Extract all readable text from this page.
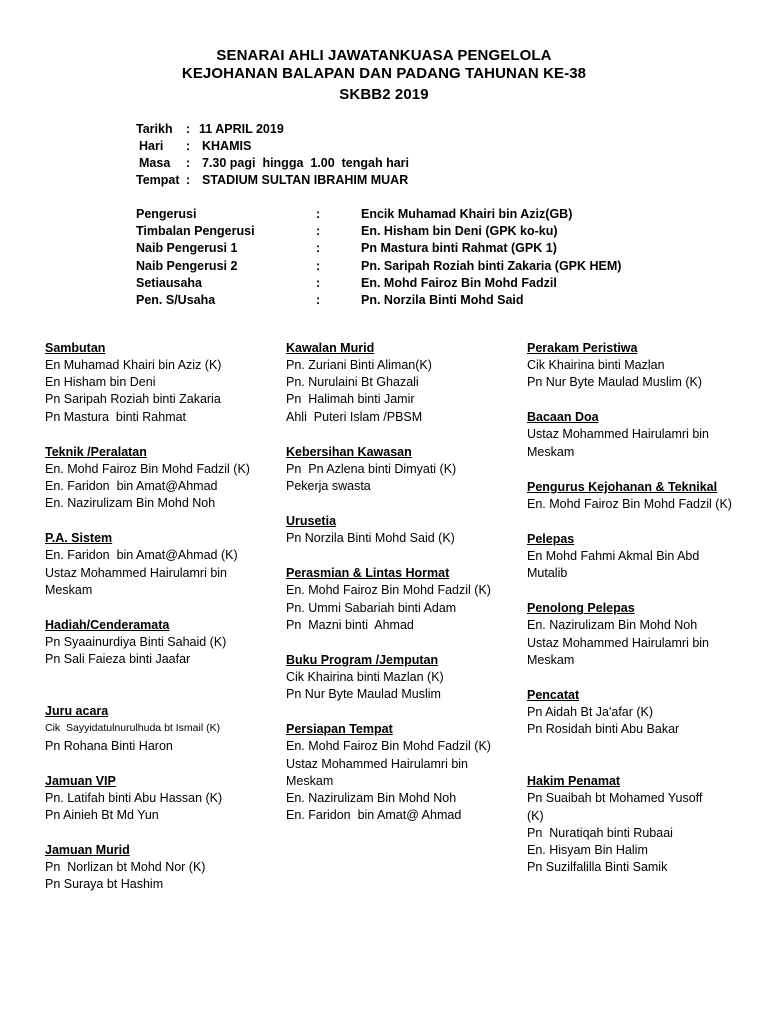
SENARAI AHLI JAWATANKUASA PENGELOLA
KEJOHANAN BALAPAN DAN PADANG TAHUNAN KE-38
SKBB2 2019
Tarikh : 11 APRIL 2019
Hari : KHAMIS
Masa : 7.30 pagi  hingga  1.00  tengah hari
Tempat : STADIUM SULTAN IBRAHIM MUAR
Pengerusi	:	Encik Muhamad Khairi bin Aziz(GB)
Timbalan Pengerusi	:	En. Hisham bin Deni (GPK ko-ku)
Naib Pengerusi 1	:	Pn Mastura binti Rahmat (GPK 1)
Naib Pengerusi 2	:	Pn. Saripah Roziah binti Zakaria (GPK HEM)
Setiausaha	:	En. Mohd Fairoz Bin Mohd Fadzil
Pen. S/Usaha	:	Pn. Norzila Binti Mohd Said
Sambutan
En Muhamad Khairi bin Aziz (K)
En Hisham bin Deni
Pn Saripah Roziah binti Zakaria
Pn Mastura  binti Rahmat
Teknik /Peralatan
En. Mohd Fairoz Bin Mohd Fadzil (K)
En. Faridon  bin Amat@Ahmad
En. Nazirulizam Bin Mohd Noh
P.A. Sistem
En. Faridon  bin Amat@Ahmad (K)
Ustaz Mohammed Hairulamri bin
Meskam
Hadiah/Cenderamata
Pn Syaainurdiya Binti Sahaid (K)
Pn Sali Faieza binti Jaafar
Juru acara
Cik  Sayyidatulnurulhuda bt Ismail (K)
Pn Rohana Binti Haron
Jamuan VIP
Pn. Latifah binti Abu Hassan (K)
Pn Ainieh Bt Md Yun
Jamuan Murid
Pn  Norlizan bt Mohd Nor (K)
Pn Suraya bt Hashim
Kawalan Murid
Pn. Zuriani Binti Aliman(K)
Pn. Nurulaini Bt Ghazali
Pn  Halimah binti Jamir
Ahli  Puteri Islam /PBSM
Kebersihan Kawasan
Pn  Pn Azlena binti Dimyati (K)
Pekerja swasta
Urusetia
Pn Norzila Binti Mohd Said (K)
Perasmian & Lintas Hormat
En. Mohd Fairoz Bin Mohd Fadzil (K)
Pn. Ummi Sabariah binti Adam
Pn  Mazni binti  Ahmad
Buku Program /Jemputan
Cik Khairina binti Mazlan (K)
Pn Nur Byte Maulad Muslim
Persiapan Tempat
En. Mohd Fairoz Bin Mohd Fadzil (K)
Ustaz Mohammed Hairulamri bin
Meskam
En. Nazirulizam Bin Mohd Noh
En. Faridon  bin Amat@ Ahmad
Perakam Peristiwa
Cik Khairina binti Mazlan
Pn Nur Byte Maulad Muslim (K)
Bacaan Doa
Ustaz Mohammed Hairulamri bin
Meskam
Pengurus Kejohanan & Teknikal
En. Mohd Fairoz Bin Mohd Fadzil (K)
Pelepas
En Mohd Fahmi Akmal Bin Abd
Mutalib
Penolong Pelepas
En. Nazirulizam Bin Mohd Noh
Ustaz Mohammed Hairulamri bin
Meskam
Pencatat
Pn Aidah Bt Ja'afar (K)
Pn Rosidah binti Abu Bakar
Hakim Penamat
Pn Suaibah bt Mohamed Yusoff
(K)
Pn  Nuratiqah binti Rubaai
En. Hisyam Bin Halim
Pn Suzilfalilla Binti Samik
